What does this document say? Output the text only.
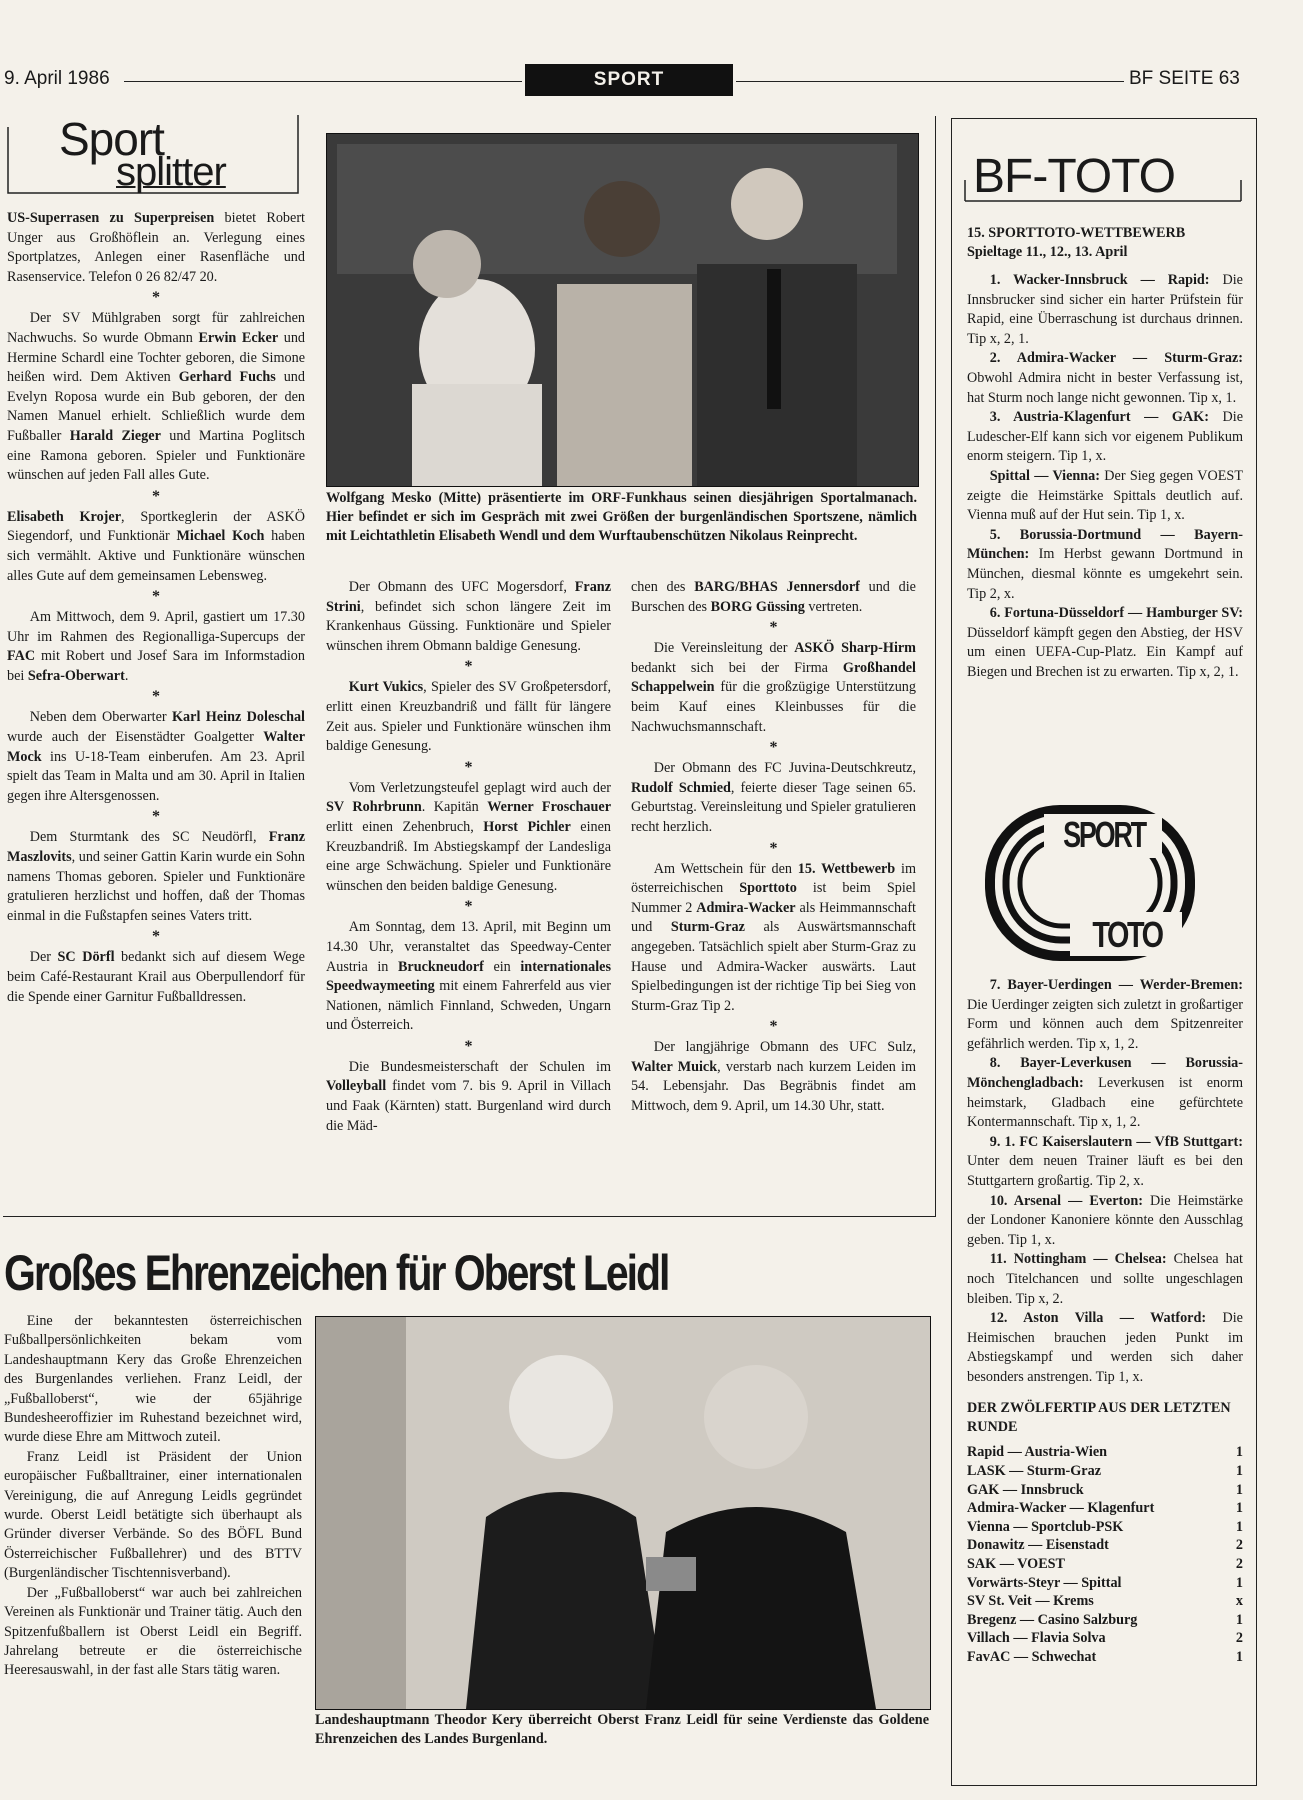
9. April 1986	SPORT	BF SEITE 63
Sport
splitter

US-Superrasen zu Superpreisen bietet Robert Unger aus Großhöflein an. Verlegung eines Sportplatzes, Anlegen einer Rasenfläche und Rasenservice. Telefon 0 26 82/47 20.

*

Der SV Mühlgraben sorgt für zahlreichen Nachwuchs. So wurde Obmann Erwin Ecker und Hermine Schardl eine Tochter geboren, die Simone heißen wird. Dem Aktiven Gerhard Fuchs und Evelyn Roposa wurde ein Bub geboren, der den Namen Manuel erhielt. Schließlich wurde dem Fußballer Harald Zieger und Martina Poglitsch eine Ramona geboren. Spieler und Funktionäre wünschen auf jeden Fall alles Gute.

*

Elisabeth Krojer, Sportkeglerin der ASKÖ Siegendorf, und Funktionär Michael Koch haben sich vermählt. Aktive und Funktionäre wünschen alles Gute auf dem gemeinsamen Lebensweg.

*

Am Mittwoch, dem 9. April, gastiert um 17.30 Uhr im Rahmen des Regionalliga-Supercups der FAC mit Robert und Josef Sara im Informstadion bei Sefra-Oberwart.

*

Neben dem Oberwarter Karl Heinz Doleschal wurde auch der Eisenstädter Goalgetter Walter Mock ins U-18-Team einberufen. Am 23. April spielt das Team in Malta und am 30. April in Italien gegen ihre Altersgenossen.

*

Dem Sturmtank des SC Neudörfl, Franz Maszlovits, und seiner Gattin Karin wurde ein Sohn namens Thomas geboren. Spieler und Funktionäre gratulieren herzlichst und hoffen, daß der Thomas einmal in die Fußstapfen seines Vaters tritt.

*

Der SC Dörfl bedankt sich auf diesem Wege beim Café-Restaurant Krail aus Oberpullendorf für die Spende einer Garnitur Fußballdressen.

Wolfgang Mesko (Mitte) präsentierte im ORF-Funkhaus seinen diesjährigen Sportalmanach. Hier befindet er sich im Gespräch mit zwei Größen der burgenländischen Sportszene, nämlich mit Leichtathletin Elisabeth Wendl und dem Wurftaubenschützen Nikolaus Reinprecht.

Der Obmann des UFC Mogersdorf, Franz Strini, befindet sich schon längere Zeit im Krankenhaus Güssing. Funktionäre und Spieler wünschen ihrem Obmann baldige Genesung.

*

Kurt Vukics, Spieler des SV Großpetersdorf, erlitt einen Kreuzbandriß und fällt für längere Zeit aus. Spieler und Funktionäre wünschen ihm baldige Genesung.

*

Vom Verletzungsteufel geplagt wird auch der SV Rohrbrunn. Kapitän Werner Froschauer erlitt einen Zehenbruch, Horst Pichler einen Kreuzbandriß. Im Abstiegskampf der Landesliga eine arge Schwächung. Spieler und Funktionäre wünschen den beiden baldige Genesung.

*

Am Sonntag, dem 13. April, mit Beginn um 14.30 Uhr, veranstaltet das Speedway-Center Austria in Bruckneudorf ein internationales Speedwaymeeting mit einem Fahrerfeld aus vier Nationen, nämlich Finnland, Schweden, Ungarn und Österreich.

*

Die Bundesmeisterschaft der Schulen im Volleyball findet vom 7. bis 9. April in Villach und Faak (Kärnten) statt. Burgenland wird durch die Mäd-

chen des BARG/BHAS Jennersdorf und die Burschen des BORG Güssing vertreten.

*

Die Vereinsleitung der ASKÖ Sharp-Hirm bedankt sich bei der Firma Großhandel Schappelwein für die großzügige Unterstützung beim Kauf eines Kleinbusses für die Nachwuchsmannschaft.

*

Der Obmann des FC Juvina-Deutschkreutz, Rudolf Schmied, feierte dieser Tage seinen 65. Geburtstag. Vereinsleitung und Spieler gratulieren recht herzlich.

*

Am Wettschein für den 15. Wettbewerb im österreichischen Sporttoto ist beim Spiel Nummer 2 Admira-Wacker als Heimmannschaft und Sturm-Graz als Auswärtsmannschaft angegeben. Tatsächlich spielt aber Sturm-Graz zu Hause und Admira-Wacker auswärts. Laut Spielbedingungen ist der richtige Tip bei Sieg von Sturm-Graz Tip 2.

*

Der langjährige Obmann des UFC Sulz, Walter Muick, verstarb nach kurzem Leiden im 54. Lebensjahr. Das Begräbnis findet am Mittwoch, dem 9. April, um 14.30 Uhr, statt.

Großes Ehrenzeichen für Oberst Leidl

Eine der bekanntesten österreichischen Fußballpersönlichkeiten bekam vom Landeshauptmann Kery das Große Ehrenzeichen des Burgenlandes verliehen. Franz Leidl, der „Fußballoberst“, wie der 65jährige Bundesheeroffizier im Ruhestand bezeichnet wird, wurde diese Ehre am Mittwoch zuteil.

Franz Leidl ist Präsident der Union europäischer Fußballtrainer, einer internationalen Vereinigung, die auf Anregung Leidls gegründet wurde. Oberst Leidl betätigte sich überhaupt als Gründer diverser Verbände. So des BÖFL Bund Österreichischer Fußballehrer) und des BTTV (Burgenländischer Tischtennisverband).

Der „Fußballoberst“ war auch bei zahlreichen Vereinen als Funktionär und Trainer tätig. Auch den Spitzenfußballern ist Oberst Leidl ein Begriff. Jahrelang betreute er die österreichische Heeresauswahl, in der fast alle Stars tätig waren.

Landeshauptmann Theodor Kery überreicht Oberst Franz Leidl für seine Verdienste das Goldene Ehrenzeichen des Landes Burgenland.
BF-TOTO
15. SPORTTOTO-WETTBEWERB
Spieltage 11., 12., 13. April

1. Wacker-Innsbruck — Rapid: Die Innsbrucker sind sicher ein harter Prüfstein für Rapid, eine Überraschung ist durchaus drinnen. Tip x, 2, 1.

2. Admira-Wacker — Sturm-Graz: Obwohl Admira nicht in bester Verfassung ist, hat Sturm noch lange nicht gewonnen. Tip x, 1.

3. Austria-Klagenfurt — GAK: Die Ludescher-Elf kann sich vor eigenem Publikum enorm steigern. Tip 1, x.

Spittal — Vienna: Der Sieg gegen VOEST zeigte die Heimstärke Spittals deutlich auf. Vienna muß auf der Hut sein. Tip 1, x.

5. Borussia-Dortmund — Bayern-München: Im Herbst gewann Dortmund in München, diesmal könnte es umgekehrt sein. Tip 2, x.

6. Fortuna-Düsseldorf — Hamburger SV: Düsseldorf kämpft gegen den Abstieg, der HSV um einen UEFA-Cup-Platz. Ein Kampf auf Biegen und Brechen ist zu erwarten. Tip x, 2, 1.

SPORT
TOTO

7. Bayer-Uerdingen — Werder-Bremen: Die Uerdinger zeigten sich zuletzt in großartiger Form und können auch dem Spitzenreiter gefährlich werden. Tip x, 1, 2.

8. Bayer-Leverkusen — Borussia-Mönchengladbach: Leverkusen ist enorm heimstark, Gladbach eine gefürchtete Kontermannschaft. Tip x, 1, 2.

9. 1. FC Kaiserslautern — VfB Stuttgart: Unter dem neuen Trainer läuft es bei den Stuttgartern großartig. Tip 2, x.

10. Arsenal — Everton: Die Heimstärke der Londoner Kanoniere könnte den Ausschlag geben. Tip 1, x.

11. Nottingham — Chelsea: Chelsea hat noch Titelchancen und sollte ungeschlagen bleiben. Tip x, 2.

12. Aston Villa — Watford: Die Heimischen brauchen jeden Punkt im Abstiegskampf und werden sich daher besonders anstrengen. Tip 1, x.

DER ZWÖLFERTIP AUS DER LETZTEN RUNDE
Rapid — Austria-Wien	1
LASK — Sturm-Graz	1
GAK — Innsbruck	1
Admira-Wacker — Klagenfurt	1
Vienna — Sportclub-PSK	1
Donawitz — Eisenstadt	2
SAK — VOEST	2
Vorwärts-Steyr — Spittal	1
SV St. Veit — Krems	x
Bregenz — Casino Salzburg	1
Villach — Flavia Solva	2
FavAC — Schwechat	1
